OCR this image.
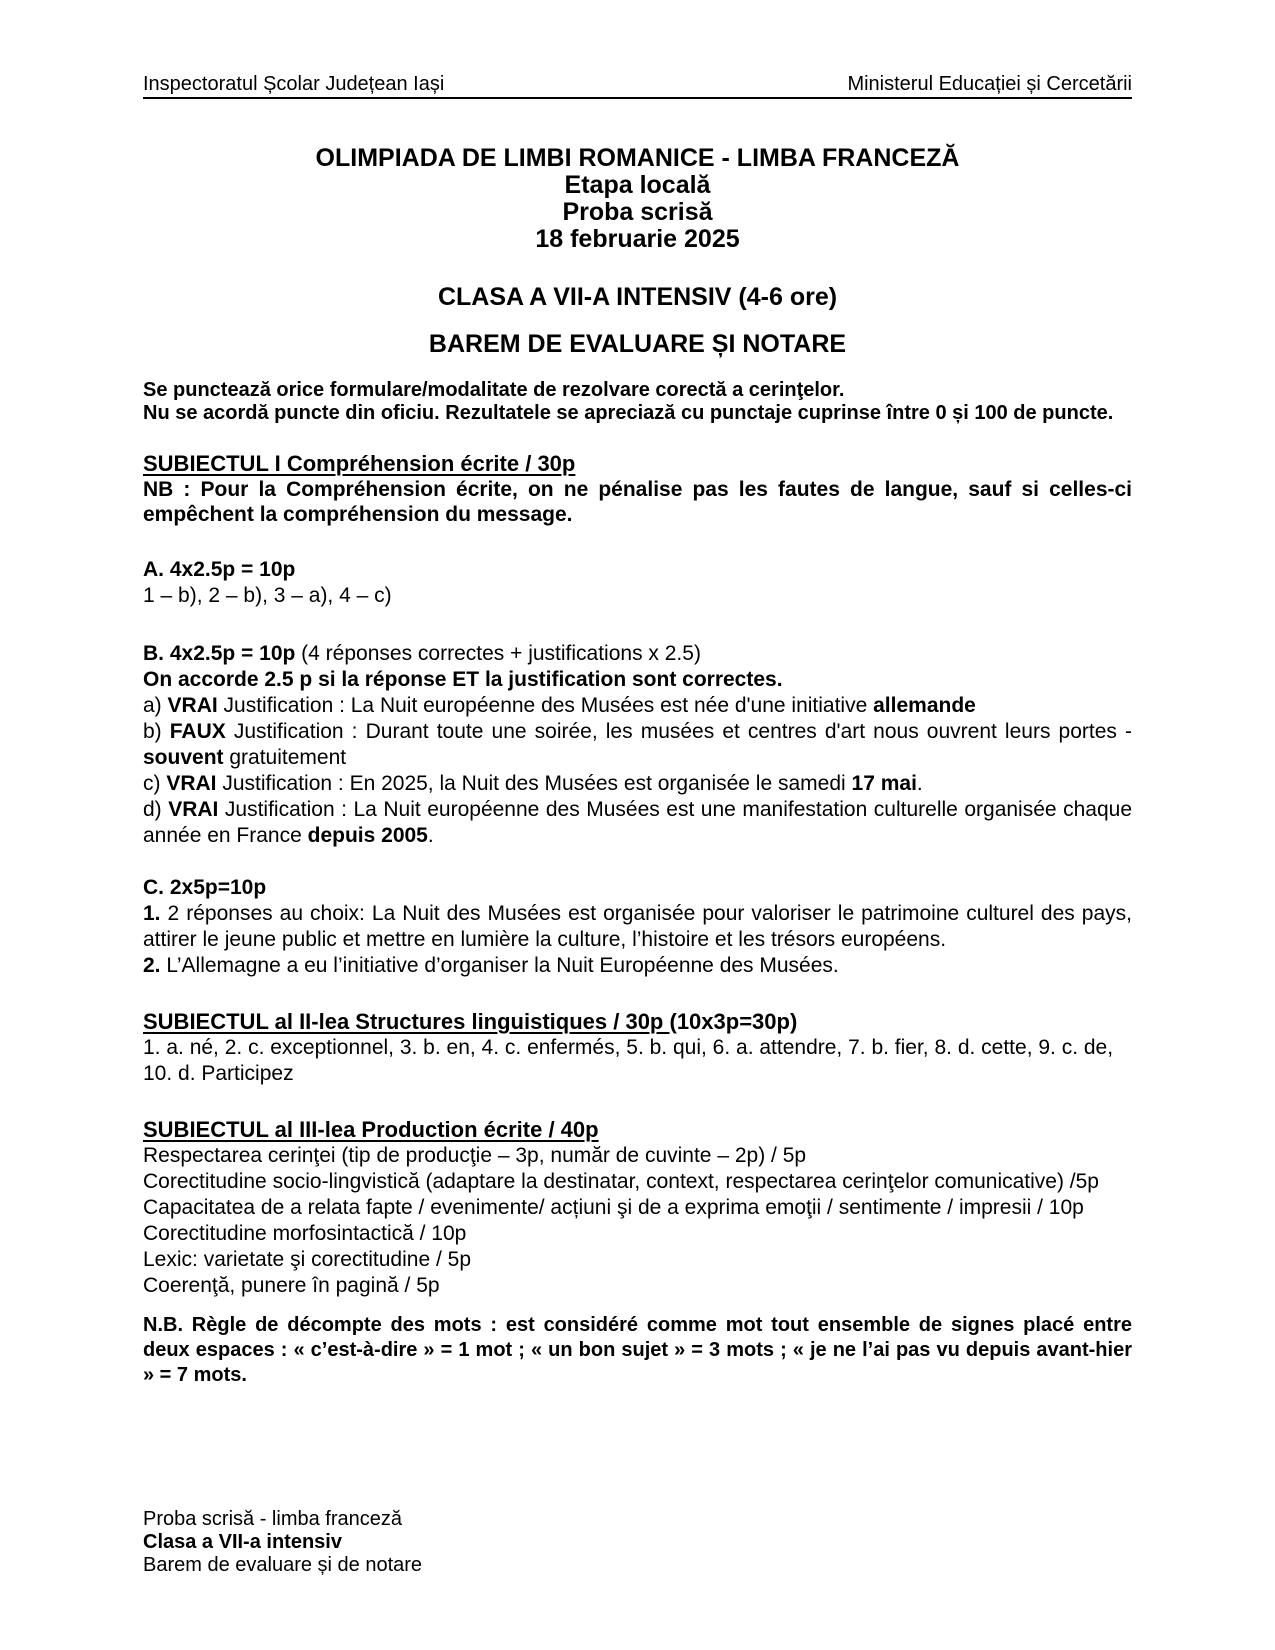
Inspectoratul Școlar Județean Iași	Ministerul Educației și Cercetării

OLIMPIADA DE LIMBI ROMANICE - LIMBA FRANCEZĂ

Etapa locală

Proba scrisă

18 februarie 2025

CLASA A VII-A INTENSIV (4-6 ore)

BAREM DE EVALUARE ȘI NOTARE

Se punctează orice formulare/modalitate de rezolvare corectă a cerinţelor.

Nu se acordă puncte din oficiu. Rezultatele se apreciază cu punctaje cuprinse între 0 și 100 de puncte.

SUBIECTUL I Compréhension écrite / 30p

NB : Pour la Compréhension écrite, on ne pénalise pas les fautes de langue, sauf si celles-ci empêchent la compréhension du message.

A. 4x2.5p = 10p

1 – b), 2 – b), 3 – a), 4 – c)

B. 4x2.5p = 10p (4 réponses correctes + justifications x 2.5)

On accorde 2.5 p si la réponse ET la justification sont correctes.

a) VRAI Justification : La Nuit européenne des Musées est née d'une initiative allemande

b) FAUX Justification : Durant toute une soirée, les musées et centres d'art nous ouvrent leurs portes - souvent gratuitement

c) VRAI Justification : En 2025, la Nuit des Musées est organisée le samedi 17 mai.

d) VRAI Justification : La Nuit européenne des Musées est une manifestation culturelle organisée chaque année en France depuis 2005.

C. 2x5p=10p

1. 2 réponses au choix: La Nuit des Musées est organisée pour valoriser le patrimoine culturel des pays, attirer le jeune public et mettre en lumière la culture, l’histoire et les trésors européens.

2. L’Allemagne a eu l’initiative d’organiser la Nuit Européenne des Musées.

SUBIECTUL al II-lea Structures linguistiques / 30p (10x3p=30p)

1. a. né, 2. c. exceptionnel, 3. b. en, 4. c. enfermés, 5. b. qui, 6. a. attendre, 7. b. fier, 8. d. cette, 9. c. de, 10. d. Participez

SUBIECTUL al III-lea Production écrite / 40p

Respectarea cerinţei (tip de producţie – 3p, număr de cuvinte – 2p) / 5p

Corectitudine socio-lingvistică (adaptare la destinatar, context, respectarea cerinţelor comunicative) /5p

Capacitatea de a relata fapte / evenimente/ acțiuni şi de a exprima emoţii / sentimente / impresii / 10p

Corectitudine morfosintactică / 10p

Lexic: varietate şi corectitudine / 5p

Coerenţă, punere în pagină / 5p

N.B. Règle de décompte des mots : est considéré comme mot tout ensemble de signes placé entre deux espaces : « c’est-à-dire » = 1 mot ; « un bon sujet » = 3 mots ; « je ne l’ai pas vu depuis avant-hier » = 7 mots.

Proba scrisă - limba franceză

Clasa a VII-a intensiv

Barem de evaluare și de notare
